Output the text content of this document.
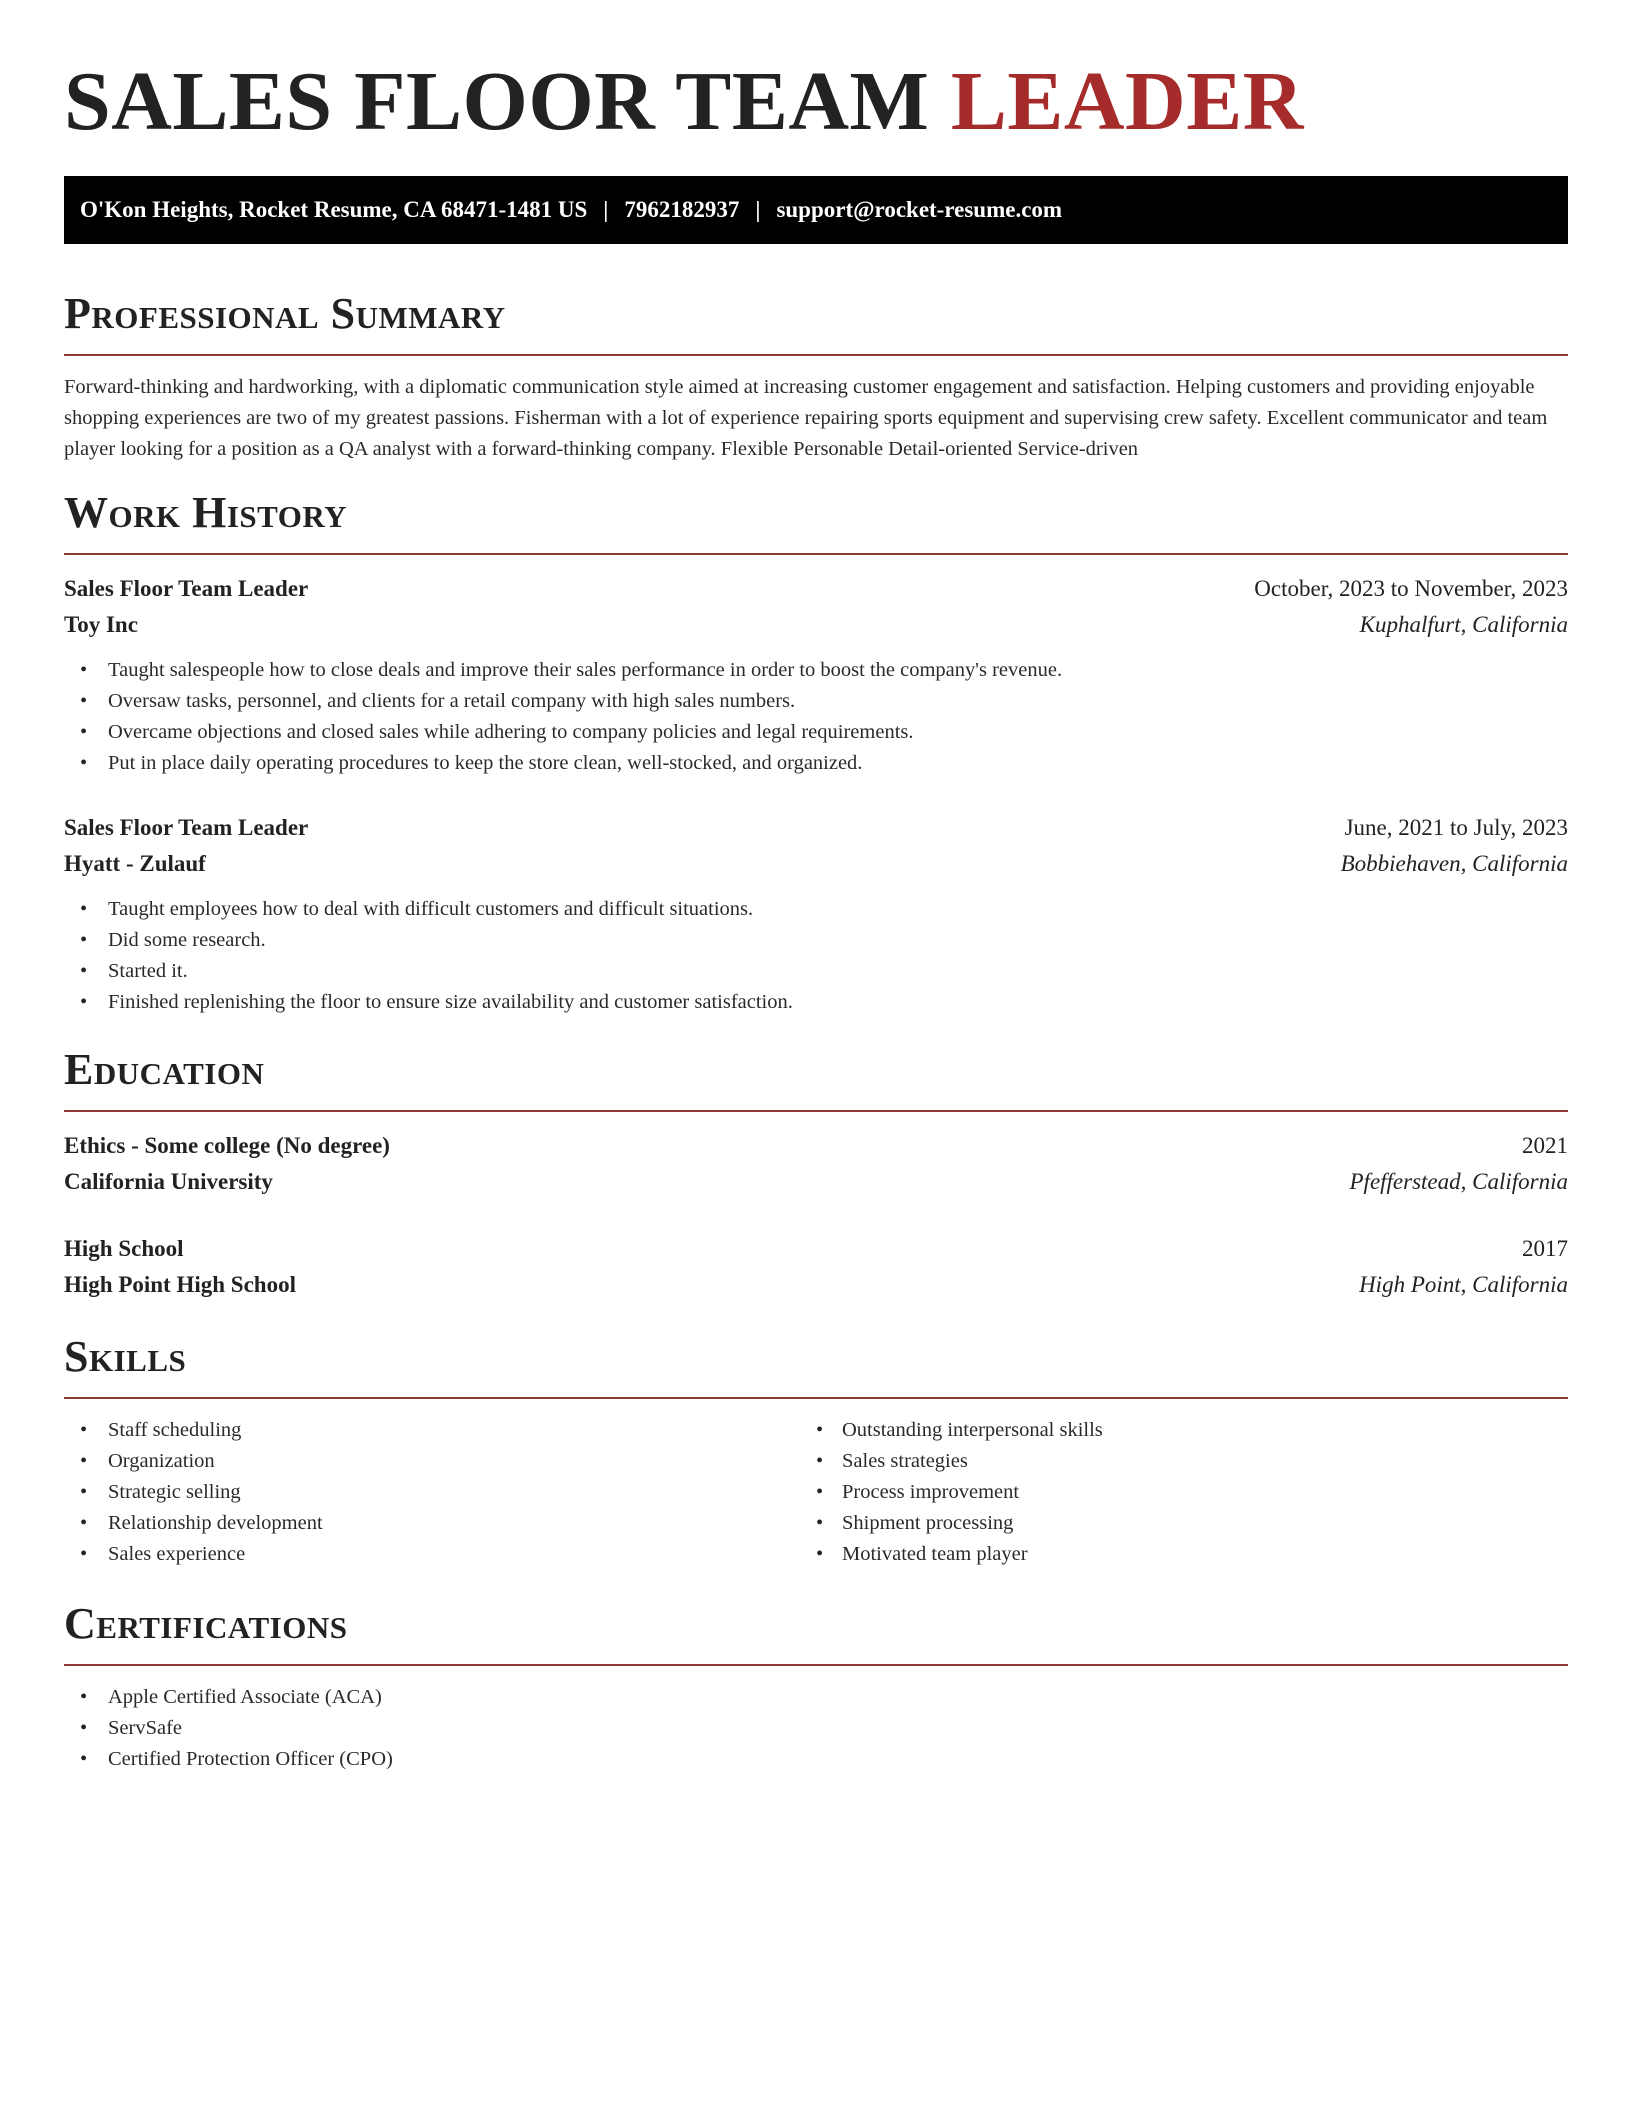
SALES FLOOR TEAM LEADER
O'Kon Heights, Rocket Resume, CA 68471-1481 US | 7962182937 | support@rocket-resume.com
Professional Summary

Forward-thinking and hardworking, with a diplomatic communication style aimed at increasing customer engagement and satisfaction. Helping customers and providing enjoyable shopping experiences are two of my greatest passions. Fisherman with a lot of experience repairing sports equipment and supervising crew safety. Excellent communicator and team player looking for a position as a QA analyst with a forward-thinking company. Flexible Personable Detail-oriented Service-driven

Work History
Sales Floor Team Leader	October, 2023 to November, 2023
Toy Inc	Kuphalfurt, California
• Taught salespeople how to close deals and improve their sales performance in order to boost the company's revenue.
• Oversaw tasks, personnel, and clients for a retail company with high sales numbers.
• Overcame objections and closed sales while adhering to company policies and legal requirements.
• Put in place daily operating procedures to keep the store clean, well-stocked, and organized.
Sales Floor Team Leader	June, 2021 to July, 2023
Hyatt - Zulauf	Bobbiehaven, California
• Taught employees how to deal with difficult customers and difficult situations.
• Did some research.
• Started it.
• Finished replenishing the floor to ensure size availability and customer satisfaction.
Education
Ethics - Some college (No degree)	2021
California University	Pfefferstead, California
High School	2017
High Point High School	High Point, California
Skills
• Staff scheduling
• Organization
• Strategic selling
• Relationship development
• Sales experience
• Outstanding interpersonal skills
• Sales strategies
• Process improvement
• Shipment processing
• Motivated team player
Certifications
• Apple Certified Associate (ACA)
• ServSafe
• Certified Protection Officer (CPO)
